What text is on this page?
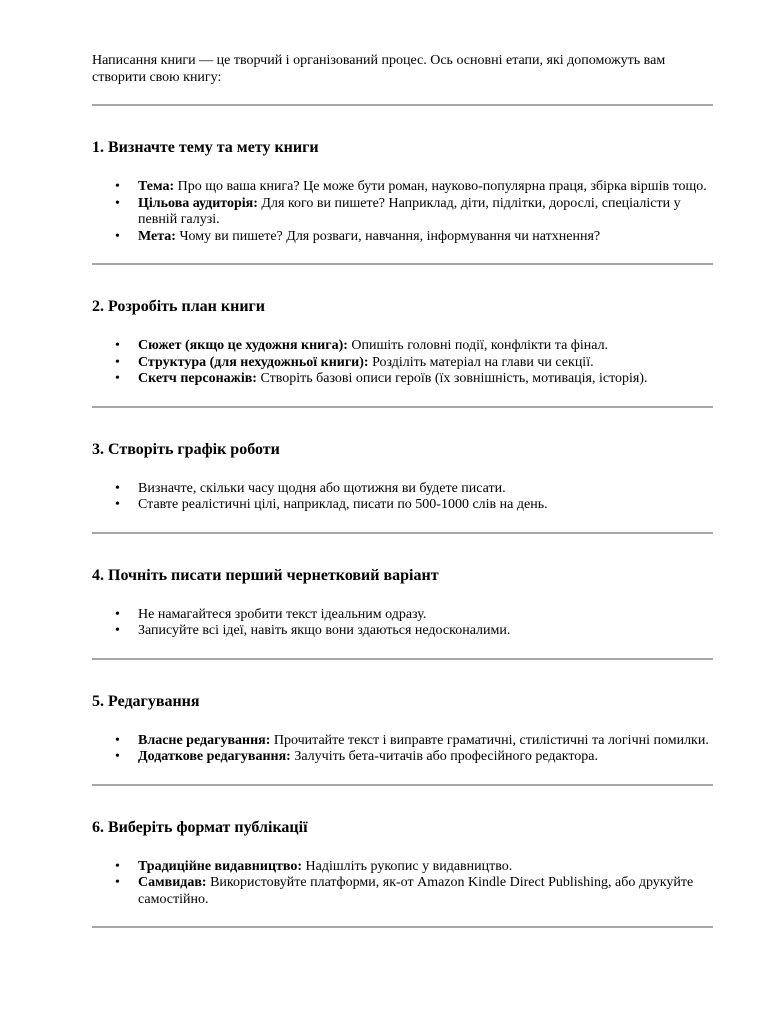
Написання книги — це творчий і організований процес. Ось основні етапи, які допоможуть вам створити свою книгу:

1. Визначте тему та мету книги
• Тема: Про що ваша книга? Це може бути роман, науково-популярна праця, збірка віршів тощо.
• Цільова аудиторія: Для кого ви пишете? Наприклад, діти, підлітки, дорослі, спеціалісти у певній галузі.
• Мета: Чому ви пишете? Для розваги, навчання, інформування чи натхнення?
2. Розробіть план книги
• Сюжет (якщо це художня книга): Опишіть головні події, конфлікти та фінал.
• Структура (для нехудожньої книги): Розділіть матеріал на глави чи секції.
• Скетч персонажів: Створіть базові описи героїв (їх зовнішність, мотивація, історія).
3. Створіть графік роботи
• Визначте, скільки часу щодня або щотижня ви будете писати.
• Ставте реалістичні цілі, наприклад, писати по 500-1000 слів на день.
4. Почніть писати перший чернетковий варіант
• Не намагайтеся зробити текст ідеальним одразу.
• Записуйте всі ідеї, навіть якщо вони здаються недосконалими.
5. Редагування
• Власне редагування: Прочитайте текст і виправте граматичні, стилістичні та логічні помилки.
• Додаткове редагування: Залучіть бета-читачів або професійного редактора.
6. Виберіть формат публікації
• Традиційне видавництво: Надішліть рукопис у видавництво.
• Самвидав: Використовуйте платформи, як-от Amazon Kindle Direct Publishing, або друкуйте самостійно.
